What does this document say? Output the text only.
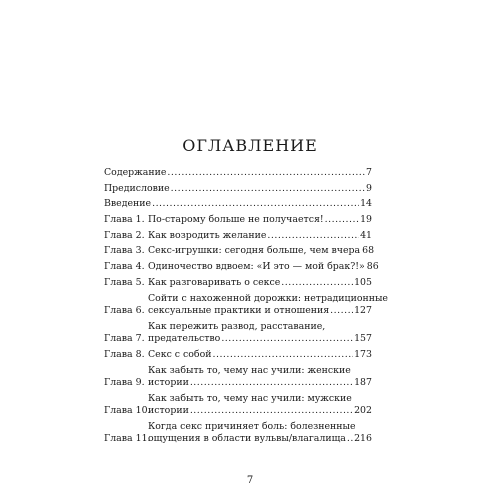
ОГЛАВЛЕНИЕ
Содержание .....	7
Предисловие .....	9
Введение .....	14
Глава 1. По-старому больше не получается! .....	19
Глава 2. Как возродить желание .....	41
Глава 3. Секс-игрушки: сегодня больше, чем вчера 68
Глава 4. Одиночество вдвоем: «И это — мой брак?!» 86
Глава 5. Как разговаривать о сексе .....	105
Глава 6.
Сойти с нахоженной дорожки: нетрадиционные
сексуальные практики и отношения .....	127
Глава 7.
Как пережить развод, расставание,
предательство .....	157
Глава 8. Секс с собой .....	173
Глава 9.
Как забыть то, чему нас учили: женские
истории .....	187
Глава 10.
Как забыть то, чему нас учили: мужские
истории .....	202
Глава 11.
Когда секс причиняет боль: болезненные
ощущения в области вульвы/влагалища ..... 216
7
